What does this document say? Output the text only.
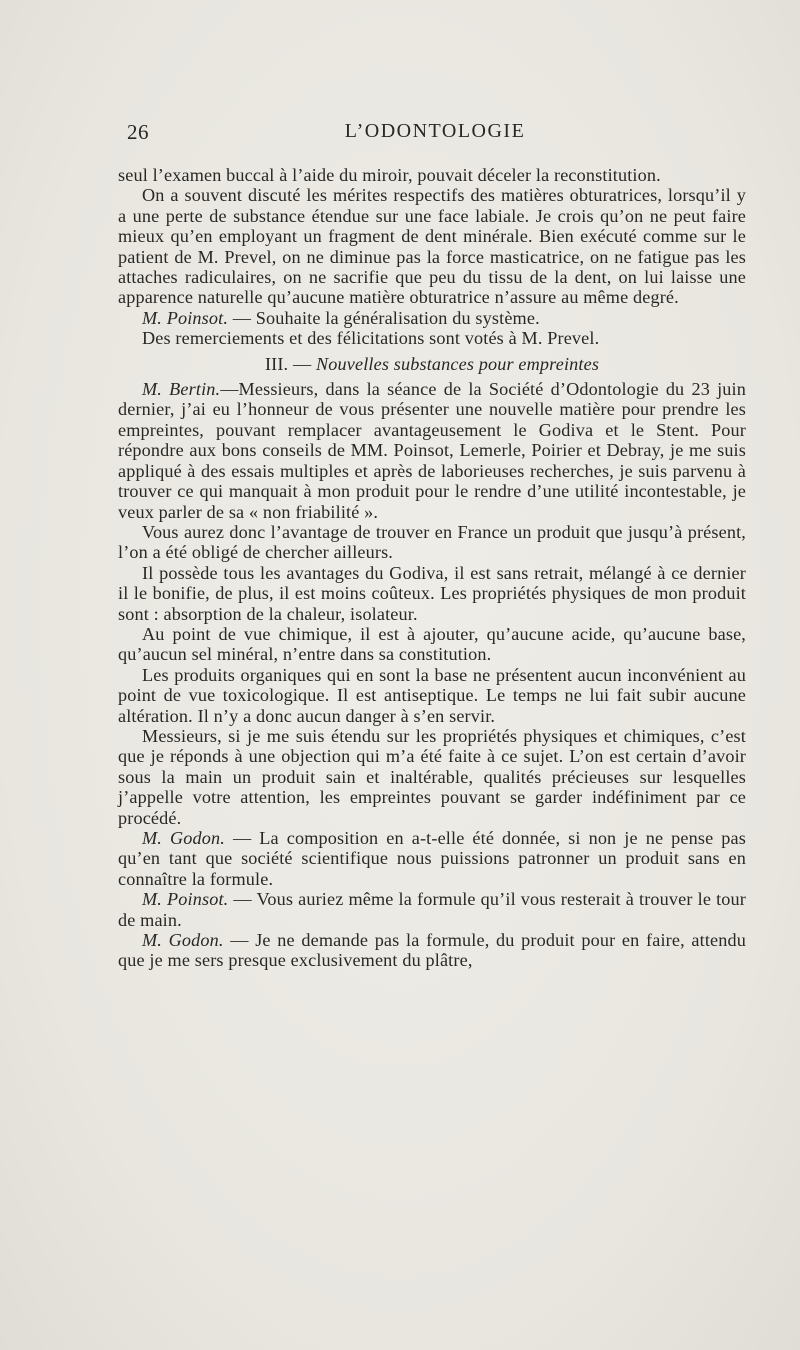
26	L’ODONTOLOGIE

seul l’examen buccal à l’aide du miroir, pouvait déceler la reconstitution.

On a souvent discuté les mérites respectifs des matières obturatrices, lorsqu’il y a une perte de substance étendue sur une face labiale. Je crois qu’on ne peut faire mieux qu’en employant un fragment de dent minérale. Bien exécuté comme sur le patient de M. Prevel, on ne diminue pas la force masticatrice, on ne fatigue pas les attaches radiculaires, on ne sacrifie que peu du tissu de la dent, on lui laisse une apparence naturelle qu’aucune matière obturatrice n’assure au même degré.

M. Poinsot. — Souhaite la généralisation du système.

Des remerciements et des félicitations sont votés à M. Prevel.

III. — Nouvelles substances pour empreintes

M. Bertin.—Messieurs, dans la séance de la Société d’Odontologie du 23 juin dernier, j’ai eu l’honneur de vous présenter une nouvelle matière pour prendre les empreintes, pouvant remplacer avantageusement le Godiva et le Stent. Pour répondre aux bons conseils de MM. Poinsot, Lemerle, Poirier et Debray, je me suis appliqué à des essais multiples et après de laborieuses recherches, je suis parvenu à trouver ce qui manquait à mon produit pour le rendre d’une utilité incontestable, je veux parler de sa « non friabilité ».

Vous aurez donc l’avantage de trouver en France un produit que jusqu’à présent, l’on a été obligé de chercher ailleurs.

Il possède tous les avantages du Godiva, il est sans retrait, mélangé à ce dernier il le bonifie, de plus, il est moins coûteux. Les propriétés physiques de mon produit sont : absorption de la chaleur, isolateur.

Au point de vue chimique, il est à ajouter, qu’aucune acide, qu’aucune base, qu’aucun sel minéral, n’entre dans sa constitution.

Les produits organiques qui en sont la base ne présentent aucun inconvénient au point de vue toxicologique. Il est antiseptique. Le temps ne lui fait subir aucune altération. Il n’y a donc aucun danger à s’en servir.

Messieurs, si je me suis étendu sur les propriétés physiques et chimiques, c’est que je réponds à une objection qui m’a été faite à ce sujet. L’on est certain d’avoir sous la main un produit sain et inaltérable, qualités précieuses sur lesquelles j’appelle votre attention, les empreintes pouvant se garder indéfiniment par ce procédé.

M. Godon. — La composition en a-t-elle été donnée, si non je ne pense pas qu’en tant que société scientifique nous puissions patronner un produit sans en connaître la formule.

M. Poinsot. — Vous auriez même la formule qu’il vous resterait à trouver le tour de main.

M. Godon. — Je ne demande pas la formule, du produit pour en faire, attendu que je me sers presque exclusivement du plâtre,
